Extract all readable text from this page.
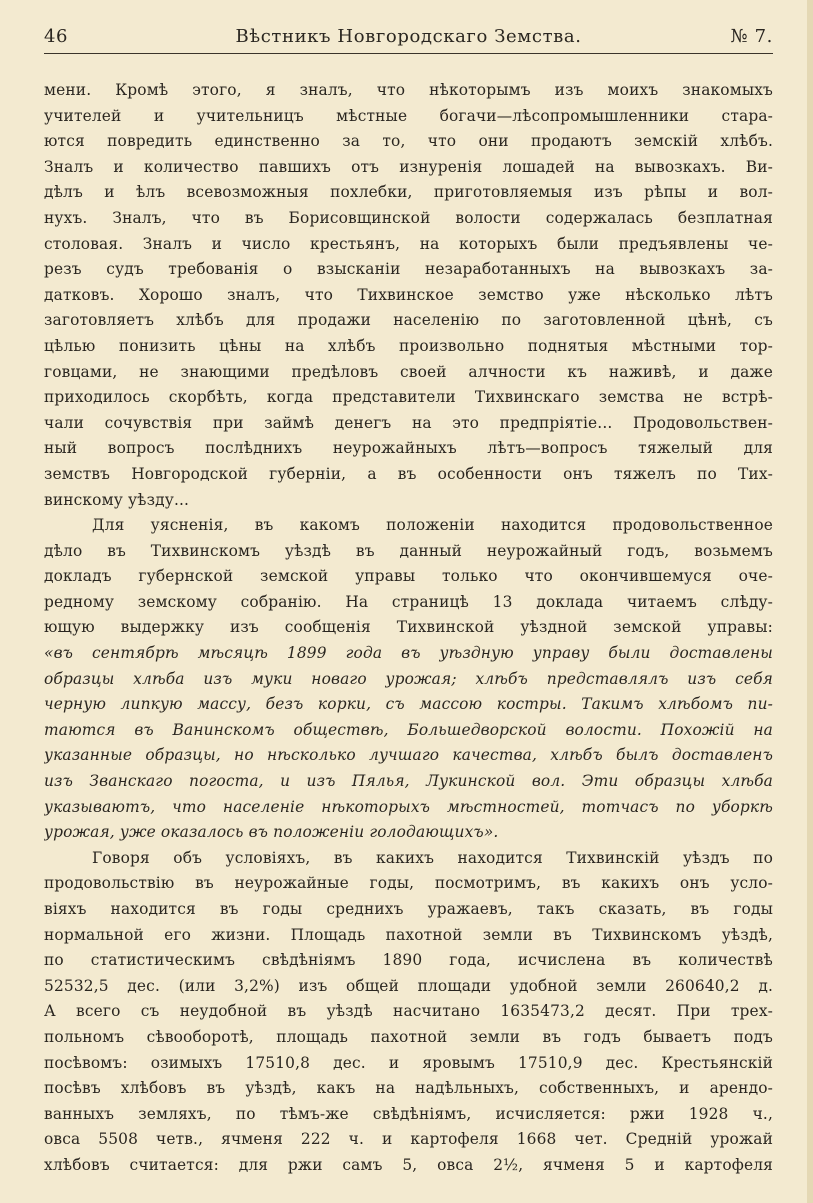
46	Вѣстникъ Новгородскаго Земства.	№ 7.
мени. Кромѣ этого, я зналъ, что нѣкоторымъ изъ моихъ знакомыхъ
учителей и учительницъ мѣстные богачи—лѣсопромышленники стара-
ются повредить единственно за то, что они продаютъ земскій хлѣбъ.
Зналъ и количество павшихъ отъ изнуренія лошадей на вывозкахъ. Ви-
дѣлъ и ѣлъ всевозможныя похлебки, приготовляемыя изъ рѣпы и вол-
нухъ. Зналъ, что въ Борисовщинской волости содержалась безплатная
столовая. Зналъ и число крестьянъ, на которыхъ были предъявлены че-
резъ судъ требованія о взысканіи незаработанныхъ на вывозкахъ за-
датковъ. Хорошо зналъ, что Тихвинское земство уже нѣсколько лѣтъ
заготовляетъ хлѣбъ для продажи населенію по заготовленной цѣнѣ, съ
цѣлью понизить цѣны на хлѣбъ произвольно поднятыя мѣстными тор-
говцами, не знающими предѣловъ своей алчности къ наживѣ, и даже
приходилось скорбѣть, когда представители Тихвинскаго земства не встрѣ-
чали сочувствія при займѣ денегъ на это предпріятіе... Продовольствен-
ный вопросъ послѣднихъ неурожайныхъ лѣтъ—вопросъ тяжелый для
земствъ Новгородской губерніи, а въ особенности онъ тяжелъ по Тих-
винскому уѣзду...
Для уясненія, въ какомъ положеніи находится продовольственное
дѣло въ Тихвинскомъ уѣздѣ въ данный неурожайный годъ, возьмемъ
докладъ губернской земской управы только что окончившемуся оче-
редному земскому собранію. На страницѣ 13 доклада читаемъ слѣду-
ющую выдержку изъ сообщенія Тихвинской уѣздной земской управы:
«въ сентябрѣ мѣсяцѣ 1899 года въ уѣздную управу были доставлены
образцы хлѣба изъ муки новаго урожая; хлѣбъ представлялъ изъ себя
черную липкую массу, безъ корки, съ массою костры. Такимъ хлѣбомъ пи-
таются въ Ванинскомъ обществѣ, Большедворской волости. Похожій на
указанные образцы, но нѣсколько лучшаго качества, хлѣбъ былъ доставленъ
изъ Званскаго погоста, и изъ Пялья, Лукинской вол. Эти образцы хлѣба
указываютъ, что населеніе нѣкоторыхъ мѣстностей, тотчасъ по уборкѣ
урожая, уже оказалось въ положеніи голодающихъ».
Говоря объ условіяхъ, въ какихъ находится Тихвинскій уѣздъ по
продовольствію въ неурожайные годы, посмотримъ, въ какихъ онъ усло-
віяхъ находится въ годы среднихъ уражаевъ, такъ сказать, въ годы
нормальной его жизни. Площадь пахотной земли въ Тихвинскомъ уѣздѣ,
по статистическимъ свѣдѣніямъ 1890 года, исчислена въ количествѣ
52532,5 дес. (или 3,2%) изъ общей площади удобной земли 260640,2 д.
А всего съ неудобной въ уѣздѣ насчитано 1635473,2 десят. При трех-
польномъ сѣвооборотѣ, площадь пахотной земли въ годъ бываетъ подъ
посѣвомъ: озимыхъ 17510,8 дес. и яровымъ 17510,9 дес. Крестьянскій
посѣвъ хлѣбовъ въ уѣздѣ, какъ на надѣльныхъ, собственныхъ, и арендо-
ванныхъ земляхъ, по тѣмъ-же свѣдѣніямъ, исчисляется: ржи 1928 ч.,
овса 5508 четв., ячменя 222 ч. и картофеля 1668 чет. Средній урожай
хлѣбовъ считается: для ржи самъ 5, овса 2½, ячменя 5 и картофеля
